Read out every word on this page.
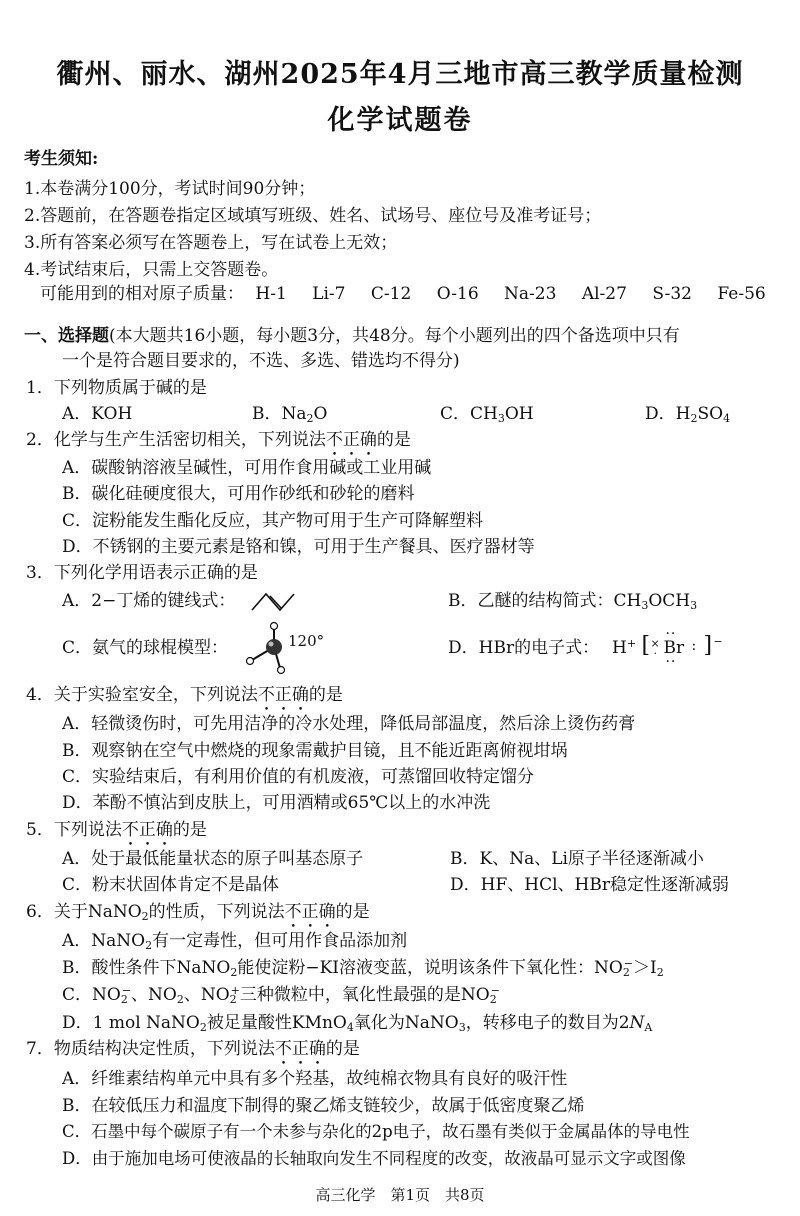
衢州、丽水、湖州2025年4月三地市高三教学质量检测
化学试题卷
考生须知:
1.本卷满分100分，考试时间90分钟；
2.答题前，在答题卷指定区域填写班级、姓名、试场号、座位号及准考证号；
3.所有答案必须写在答题卷上，写在试卷上无效；
4.考试结束后，只需上交答题卷。
可能用到的相对原子质量： H-1 Li-7 C-12 O-16 Na-23 Al-27 S-32 Fe-56
一、选择题(本大题共16小题，每小题3分，共48分。每个小题列出的四个备选项中只有
一个是符合题目要求的，不选、多选、错选均不得分)
1．下列物质属于碱的是
A．KOH	B．$Na_2O$	C．$CH_3OH$	D．$H_2SO_4$
2．化学与生产生活密切相关，下列说法不正确的是
A．碳酸钠溶液呈碱性，可用作食用碱或工业用碱
B．碳化硅硬度很大，可用作砂纸和砂轮的磨料
C．淀粉能发生酯化反应，其产物可用于生产可降解塑料
D．不锈钢的主要元素是铬和镍，可用于生产餐具、医疗器材等
3．下列化学用语表示正确的是
A．2−丁烯的键线式：	B．乙醚的结构简式：$CH_3OCH_3$
C．氨气的球棍模型：	120°	D．HBr的电子式： H+ [ ×
·
··
Br
··
: ] −
4．关于实验室安全，下列说法不正确的是
A．轻微烫伤时，可先用洁净的冷水处理，降低局部温度，然后涂上烫伤药膏
B．观察钠在空气中燃烧的现象需戴护目镜，且不能近距离俯视坩埚
C．实验结束后，有利用价值的有机废液，可蒸馏回收特定馏分
D．苯酚不慎沾到皮肤上，可用酒精或65℃以上的水冲洗
5．下列说法不正确的是
A．处于最低能量状态的原子叫基态原子	B．K、Na、Li原子半径逐渐减小
C．粉末状固体肯定不是晶体	D．HF、HCl、HBr稳定性逐渐减弱
6．关于NaNO$_2$的性质，下列说法不正确的是
A．NaNO$_2$有一定毒性，但可用作食品添加剂
B．酸性条件下NaNO$_2$能使淀粉−KI溶液变蓝，说明该条件下氧化性：$NO_2^->I_2$
C．$NO_2^-$、$NO_2$、$NO_2^+$三种微粒中，氧化性最强的是$NO_2^-$
D．1 mol NaNO$_2$被足量酸性KMnO$_4$氧化为NaNO$_3$，转移电子的数目为$2N_A$
7．物质结构决定性质，下列说法不正确的是
A．纤维素结构单元中具有多个羟基，故纯棉衣物具有良好的吸汗性
B．在较低压力和温度下制得的聚乙烯支链较少，故属于低密度聚乙烯
C．石墨中每个碳原子有一个未参与杂化的2p电子，故石墨有类似于金属晶体的导电性
D．由于施加电场可使液晶的长轴取向发生不同程度的改变，故液晶可显示文字或图像
高三化学　第1页　共8页
